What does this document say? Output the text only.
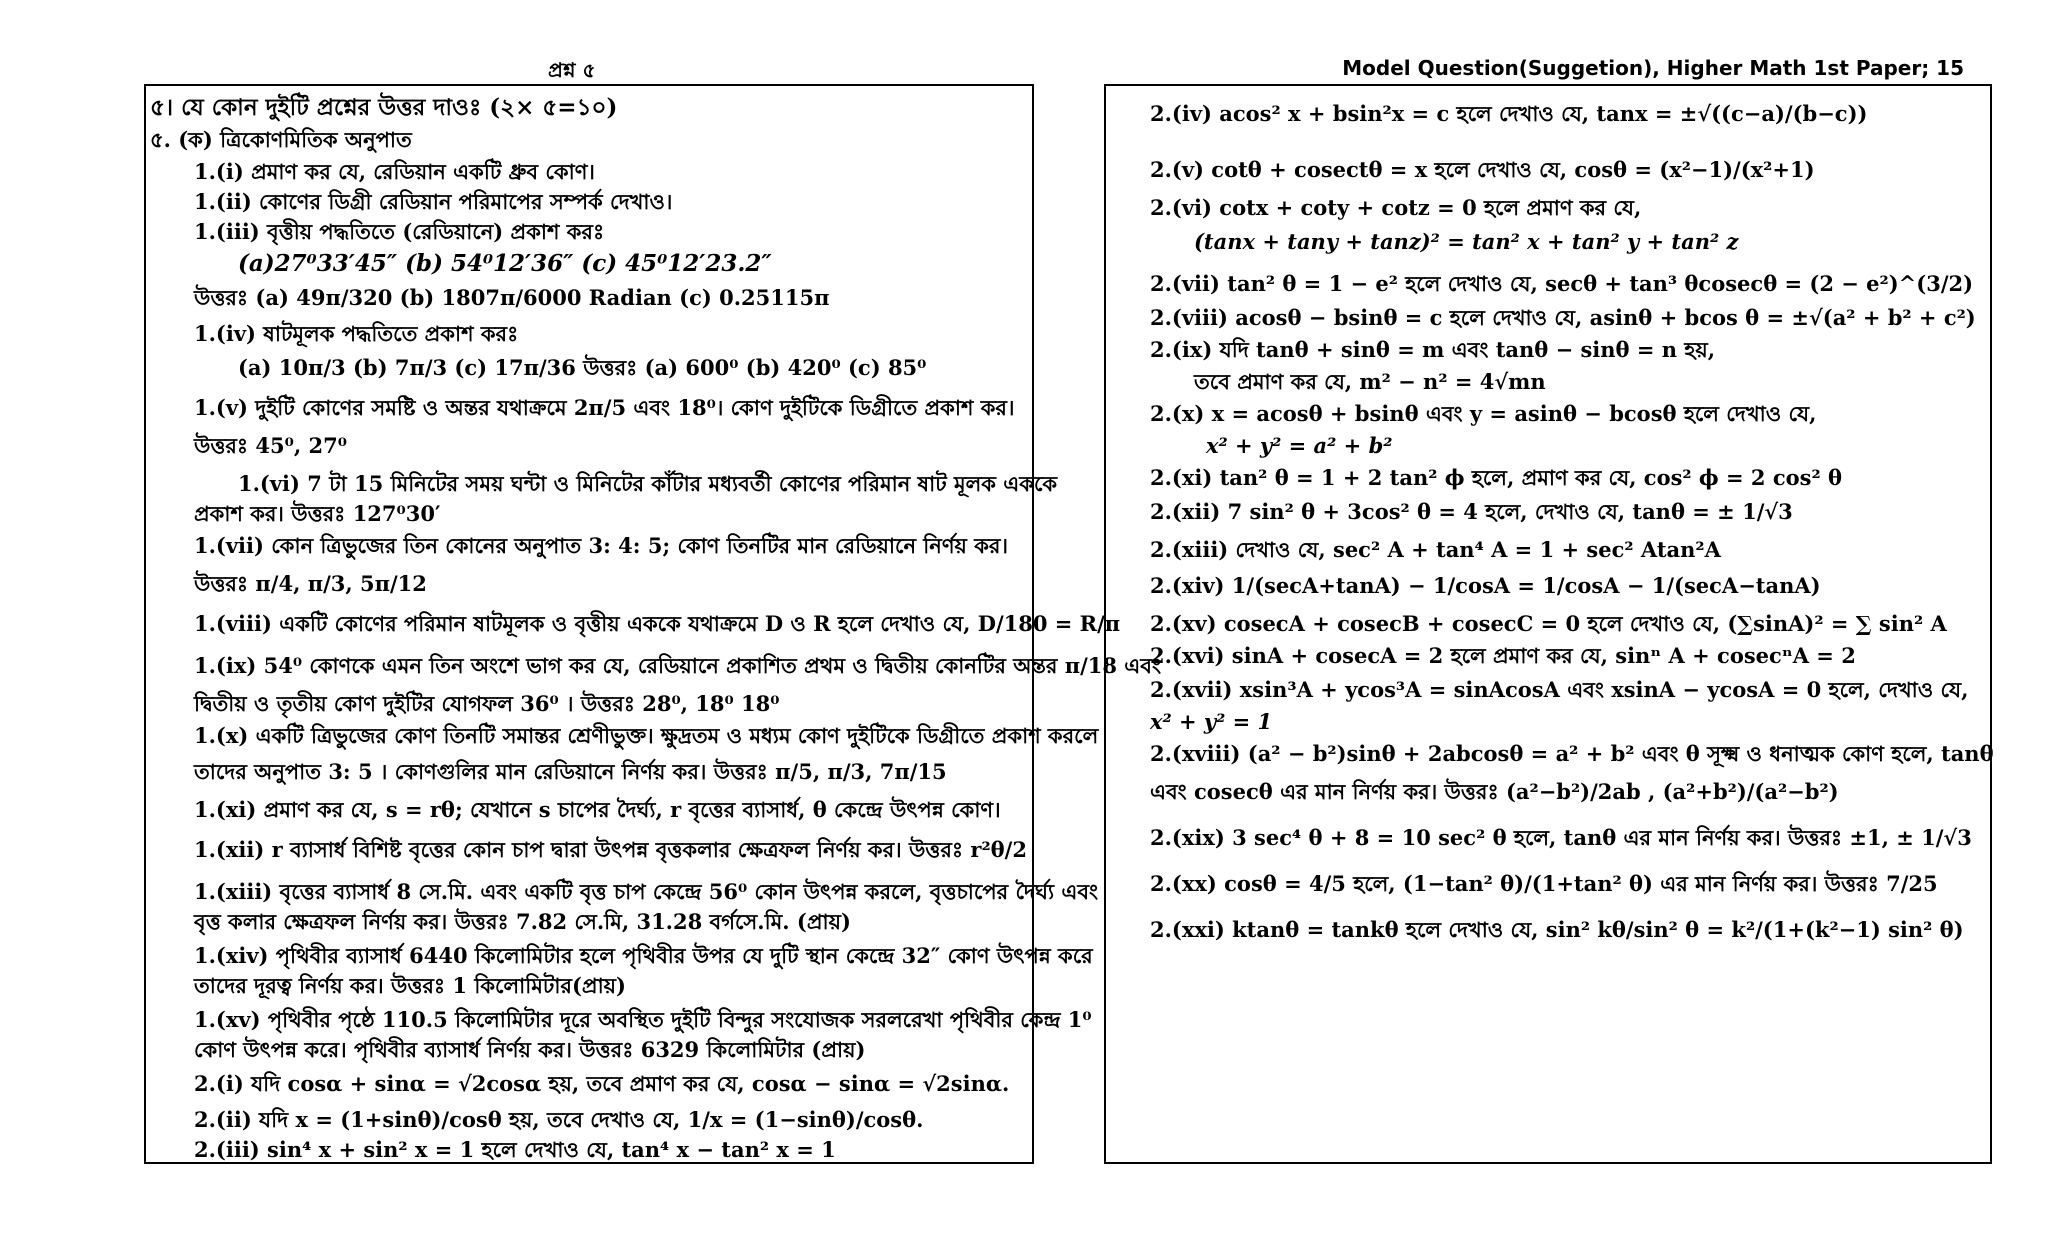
প্রশ্ন ৫	Model Question(Suggetion), Higher Math 1st Paper; 15
৫। যে কোন দুইটি প্রশ্নের উত্তর দাওঃ (২× ৫=১০)
৫. (ক) ত্রিকোণমিতিক অনুপাত
1.(i) প্রমাণ কর যে, রেডিয়ান একটি ধ্রুব কোণ।
1.(ii) কোণের ডিগ্রী রেডিয়ান পরিমাপের সম্পর্ক দেখাও।
1.(iii) বৃত্তীয় পদ্ধতিতে (রেডিয়ানে) প্রকাশ করঃ
(a)27⁰33′45″ (b) 54⁰12′36″ (c) 45⁰12′23.2″
উত্তরঃ (a) 49π/320 (b) 1807π/6000 Radian (c) 0.25115π
1.(iv) ষাটমূলক পদ্ধতিতে প্রকাশ করঃ
(a) 10π/3 (b) 7π/3 (c) 17π/36 উত্তরঃ (a) 600⁰ (b) 420⁰ (c) 85⁰
1.(v) দুইটি কোণের সমষ্টি ও অন্তর যথাক্রমে 2π/5 এবং 18⁰। কোণ দুইটিকে ডিগ্রীতে প্রকাশ কর।
উত্তরঃ 45⁰, 27⁰
1.(vi) 7 টা 15 মিনিটের সময় ঘন্টা ও মিনিটের কাঁটার মধ্যবর্তী কোণের পরিমান ষাট মূলক এককে
প্রকাশ কর। উত্তরঃ 127⁰30′
1.(vii) কোন ত্রিভুজের তিন কোনের অনুপাত 3: 4: 5; কোণ তিনটির মান রেডিয়ানে নির্ণয় কর।
উত্তরঃ π/4, π/3, 5π/12
1.(viii) একটি কোণের পরিমান ষাটমূলক ও বৃত্তীয় এককে যথাক্রমে D ও R হলে দেখাও যে, D/180 = R/π
1.(ix) 54⁰ কোণকে এমন তিন অংশে ভাগ কর যে, রেডিয়ানে প্রকাশিত প্রথম ও দ্বিতীয় কোনটির অন্তর π/18 এবং
দ্বিতীয় ও তৃতীয় কোণ দুইটির যোগফল 36⁰ । উত্তরঃ 28⁰, 18⁰ 18⁰
1.(x) একটি ত্রিভুজের কোণ তিনটি সমান্তর শ্রেণীভুক্ত। ক্ষুদ্রতম ও মধ্যম কোণ দুইটিকে ডিগ্রীতে প্রকাশ করলে
তাদের অনুপাত 3: 5 । কোণগুলির মান রেডিয়ানে নির্ণয় কর। উত্তরঃ π/5, π/3, 7π/15
1.(xi) প্রমাণ কর যে, s = rθ; যেখানে s চাপের দৈর্ঘ্য, r বৃত্তের ব্যাসার্ধ, θ কেন্দ্রে উৎপন্ন কোণ।
1.(xii) r ব্যাসার্ধ বিশিষ্ট বৃত্তের কোন চাপ দ্বারা উৎপন্ন বৃত্তকলার ক্ষেত্রফল নির্ণয় কর। উত্তরঃ r²θ/2
1.(xiii) বৃত্তের ব্যাসার্ধ 8 সে.মি. এবং একটি বৃত্ত চাপ কেন্দ্রে 56⁰ কোন উৎপন্ন করলে, বৃত্তচাপের দৈর্ঘ্য এবং
বৃত্ত কলার ক্ষেত্রফল নির্ণয় কর। উত্তরঃ 7.82 সে.মি, 31.28 বর্গসে.মি. (প্রায়)
1.(xiv) পৃথিবীর ব্যাসার্ধ 6440 কিলোমিটার হলে পৃথিবীর উপর যে দুটি স্থান কেন্দ্রে 32″ কোণ উৎপন্ন করে
তাদের দূরত্ব নির্ণয় কর। উত্তরঃ 1 কিলোমিটার(প্রায়)
1.(xv) পৃথিবীর পৃষ্ঠে 110.5 কিলোমিটার দূরে অবস্থিত দুইটি বিন্দুর সংযোজক সরলরেখা পৃথিবীর কেন্দ্র 1⁰
কোণ উৎপন্ন করে। পৃথিবীর ব্যাসার্ধ নির্ণয় কর। উত্তরঃ 6329 কিলোমিটার (প্রায়)
2.(i) যদি cosα + sinα = √2cosα হয়, তবে প্রমাণ কর যে, cosα − sinα = √2sinα.
2.(ii) যদি x = (1+sinθ)/cosθ হয়, তবে দেখাও যে, 1/x = (1−sinθ)/cosθ.
2.(iii) sin⁴ x + sin² x = 1 হলে দেখাও যে, tan⁴ x − tan² x = 1
2.(iv) acos² x + bsin²x = c হলে দেখাও যে, tanx = ±√((c−a)/(b−c))
2.(v) cotθ + cosectθ = x হলে দেখাও যে, cosθ = (x²−1)/(x²+1)
2.(vi) cotx + coty + cotz = 0 হলে প্রমাণ কর যে,
(tanx + tany + tanz)² = tan² x + tan² y + tan² z
2.(vii) tan² θ = 1 − e² হলে দেখাও যে, secθ + tan³ θcosecθ = (2 − e²)^(3/2)
2.(viii) acosθ − bsinθ = c হলে দেখাও যে, asinθ + bcos θ = ±√(a² + b² + c²)
2.(ix) যদি tanθ + sinθ = m এবং tanθ − sinθ = n হয়,
তবে প্রমাণ কর যে, m² − n² = 4√mn
2.(x) x = acosθ + bsinθ এবং y = asinθ − bcosθ হলে দেখাও যে,
x² + y² = a² + b²
2.(xi) tan² θ = 1 + 2 tan² ϕ হলে, প্রমাণ কর যে, cos² ϕ = 2 cos² θ
2.(xii) 7 sin² θ + 3cos² θ = 4 হলে, দেখাও যে, tanθ = ± 1/√3
2.(xiii) দেখাও যে, sec² A + tan⁴ A = 1 + sec² Atan²A
2.(xiv) 1/(secA+tanA) − 1/cosA = 1/cosA − 1/(secA−tanA)
2.(xv) cosecA + cosecB + cosecC = 0 হলে দেখাও যে, (∑sinA)² = ∑ sin² A
2.(xvi) sinA + cosecA = 2 হলে প্রমাণ কর যে, sinⁿ A + cosecⁿA = 2
2.(xvii) xsin³A + ycos³A = sinAcosA এবং xsinA − ycosA = 0 হলে, দেখাও যে,
x² + y² = 1
2.(xviii) (a² − b²)sinθ + 2abcosθ = a² + b² এবং θ সূক্ষ্ম ও ধনাত্মক কোণ হলে, tanθ
এবং cosecθ এর মান নির্ণয় কর। উত্তরঃ (a²−b²)/2ab , (a²+b²)/(a²−b²)
2.(xix) 3 sec⁴ θ + 8 = 10 sec² θ হলে, tanθ এর মান নির্ণয় কর। উত্তরঃ ±1, ± 1/√3
2.(xx) cosθ = 4/5 হলে, (1−tan² θ)/(1+tan² θ) এর মান নির্ণয় কর। উত্তরঃ 7/25
2.(xxi) ktanθ = tankθ হলে দেখাও যে, sin² kθ/sin² θ = k²/(1+(k²−1) sin² θ)
